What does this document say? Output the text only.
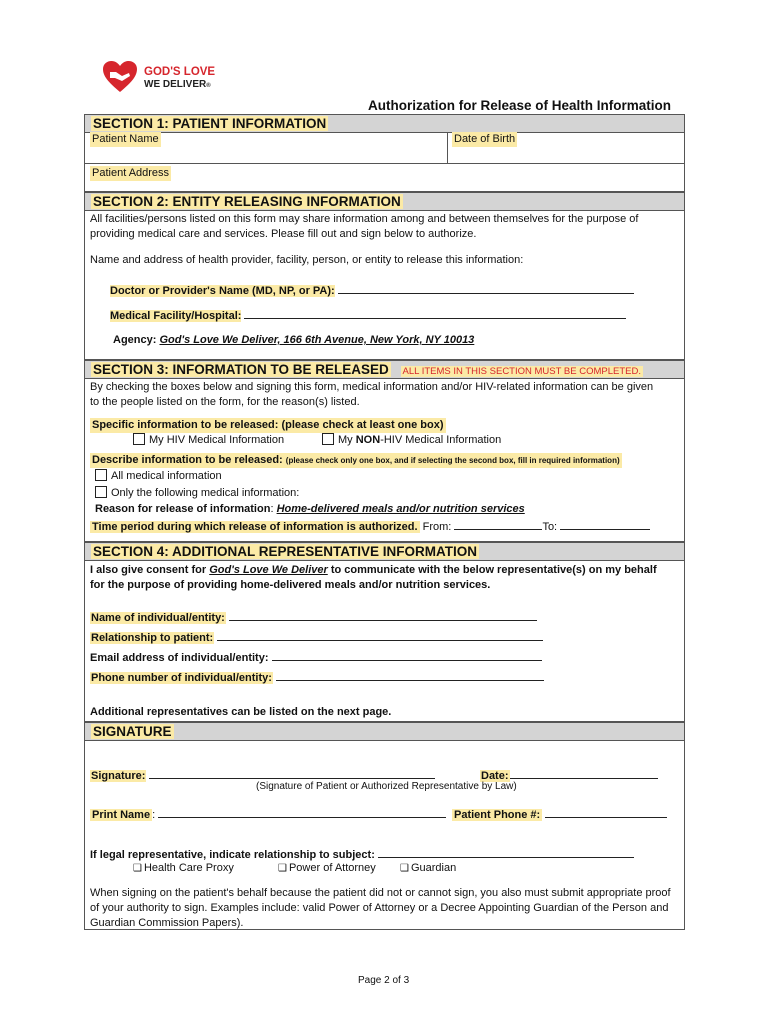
GOD'S LOVE
WE DELIVER®
Authorization for Release of Health Information
SECTION 1: PATIENT INFORMATION
Patient Name	Date of Birth
Patient Address
SECTION 2: ENTITY RELEASING INFORMATION
All facilities/persons listed on this form may share information among and between themselves for the purpose of providing medical care and services. Please fill out and sign below to authorize.
Name and address of health provider, facility, person, or entity to release this information:
Doctor or Provider's Name (MD, NP, or PA):
Medical Facility/Hospital:
Agency: God's Love We Deliver, 166 6th Avenue, New York, NY 10013
SECTION 3: INFORMATION TO BE RELEASED ALL ITEMS IN THIS SECTION MUST BE COMPLETED.
By checking the boxes below and signing this form, medical information and/or HIV-related information can be given to the people listed on the form, for the reason(s) listed.
Specific information to be released: (please check at least one box)
My HIV Medical Information	My NON-HIV Medical Information
Describe information to be released: (please check only one box, and if selecting the second box, fill in required information)
All medical information
Only the following medical information:
Reason for release of information: Home-delivered meals and/or nutrition services
Time period during which release of information is authorized. From:	To:
SECTION 4: ADDITIONAL REPRESENTATIVE INFORMATION
I also give consent for God's Love We Deliver to communicate with the below representative(s) on my behalf
for the purpose of providing home-delivered meals and/or nutrition services.
Name of individual/entity:
Relationship to patient:
Email address of individual/entity:
Phone number of individual/entity:
Additional representatives can be listed on the next page.
SIGNATURE
Signature:	Date:
(Signature of Patient or Authorized Representative by Law)
Print Name :	Patient Phone #:
If legal representative, indicate relationship to subject:
❑ Health Care Proxy	❑ Power of Attorney ❑ Guardian
When signing on the patient's behalf because the patient did not or cannot sign, you also must submit appropriate proof of your authority to sign. Examples include: valid Power of Attorney or a Decree Appointing Guardian of the Person and Guardian Commission Papers).
Page 2 of 3
